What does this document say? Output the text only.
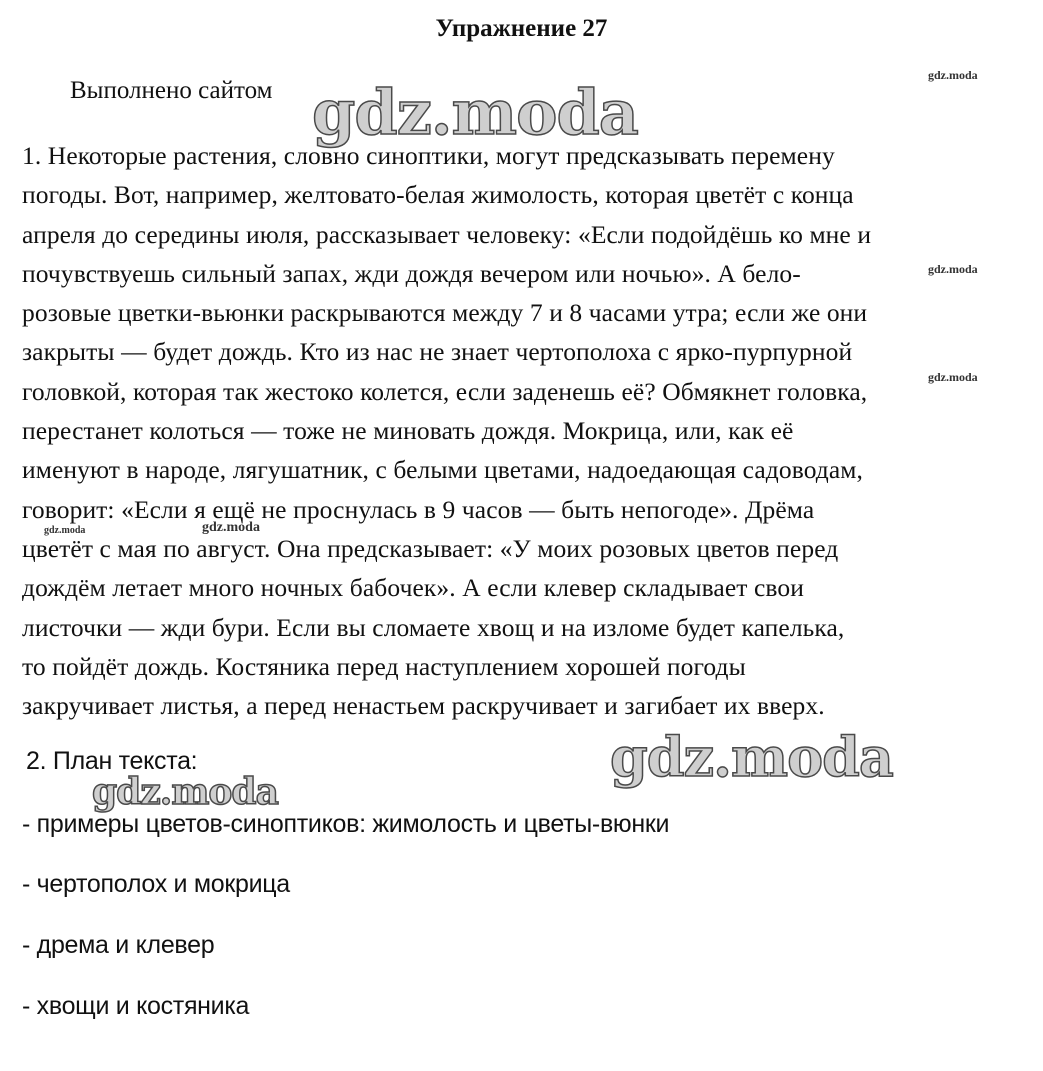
Упражнение 27
Выполнено сайтом gdz.moda
gdz.moda
gdz.moda
gdz.moda
gdz.moda	gdz.moda
1. Некоторые растения, словно синоптики, могут предсказывать перемену
погоды. Вот, например, желтовато-белая жимолость, которая цветёт с конца
апреля до середины июля, рассказывает человеку: «Если подойдёшь ко мне и
почувствуешь сильный запах, жди дождя вечером или ночью». А бело-
розовые цветки-вьюнки раскрываются между 7 и 8 часами утра; если же они
закрыты — будет дождь. Кто из нас не знает чертополоха с ярко-пурпурной
головкой, которая так жестоко колется, если заденешь её? Обмякнет головка,
перестанет колоться — тоже не миновать дождя. Мокрица, или, как её
именуют в народе, лягушатник, с белыми цветами, надоедающая садоводам,
говорит: «Если я ещё не проснулась в 9 часов — быть непогоде». Дрёма
цветёт с мая по август. Она предсказывает: «У моих розовых цветов перед
дождём летает много ночных бабочек». А если клевер складывает свои
листочки — жди бури. Если вы сломаете хвощ и на изломе будет капелька,
то пойдёт дождь. Костяника перед наступлением хорошей погоды
закручивает листья, а перед ненастьем раскручивает и загибает их вверх.
gdz.moda
2. План текста:
gdz.moda
- примеры цветов-синоптиков: жимолость и цветы-вюнки
- чертополох и мокрица
- дрема и клевер
- хвощи и костяника
